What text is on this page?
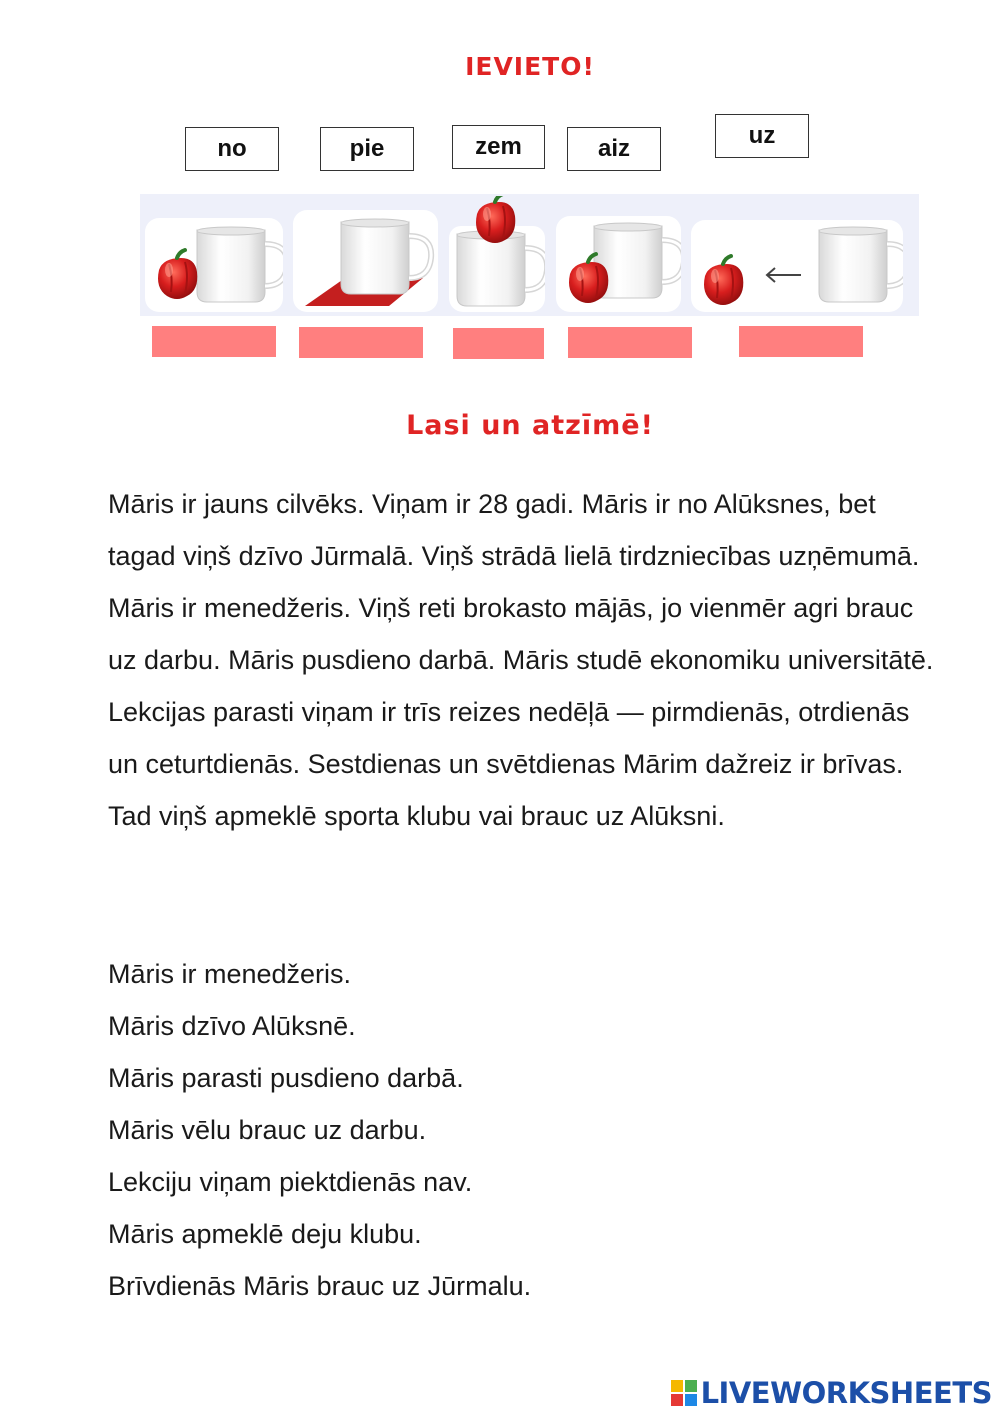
IEVIETO!
no	pie	zem	aiz	uz
Lasi un atzīmē!

Māris ir jauns cilvēks. Viņam ir 28 gadi. Māris ir no Alūksnes, bet tagad viņš dzīvo Jūrmalā. Viņš strādā lielā tirdzniecības uzņēmumā. Māris ir menedžeris. Viņš reti brokasto mājās, jo vienmēr agri brauc uz darbu. Māris pusdieno darbā. Māris studē ekonomiku universitātē. Lekcijas parasti viņam ir trīs reizes nedēļā — pirmdienās, otrdienās un ceturtdienās. Sestdienas un svētdienas Mārim dažreiz ir brīvas. Tad viņš apmeklē sporta klubu vai brauc uz Alūksni.

Māris ir menedžeris.
Māris dzīvo Alūksnē.
Māris parasti pusdieno darbā.
Māris vēlu brauc uz darbu.
Lekciju viņam piektdienās nav.
Māris apmeklē deju klubu.
Brīvdienās Māris brauc uz Jūrmalu.
LIVEWORKSHEETS
